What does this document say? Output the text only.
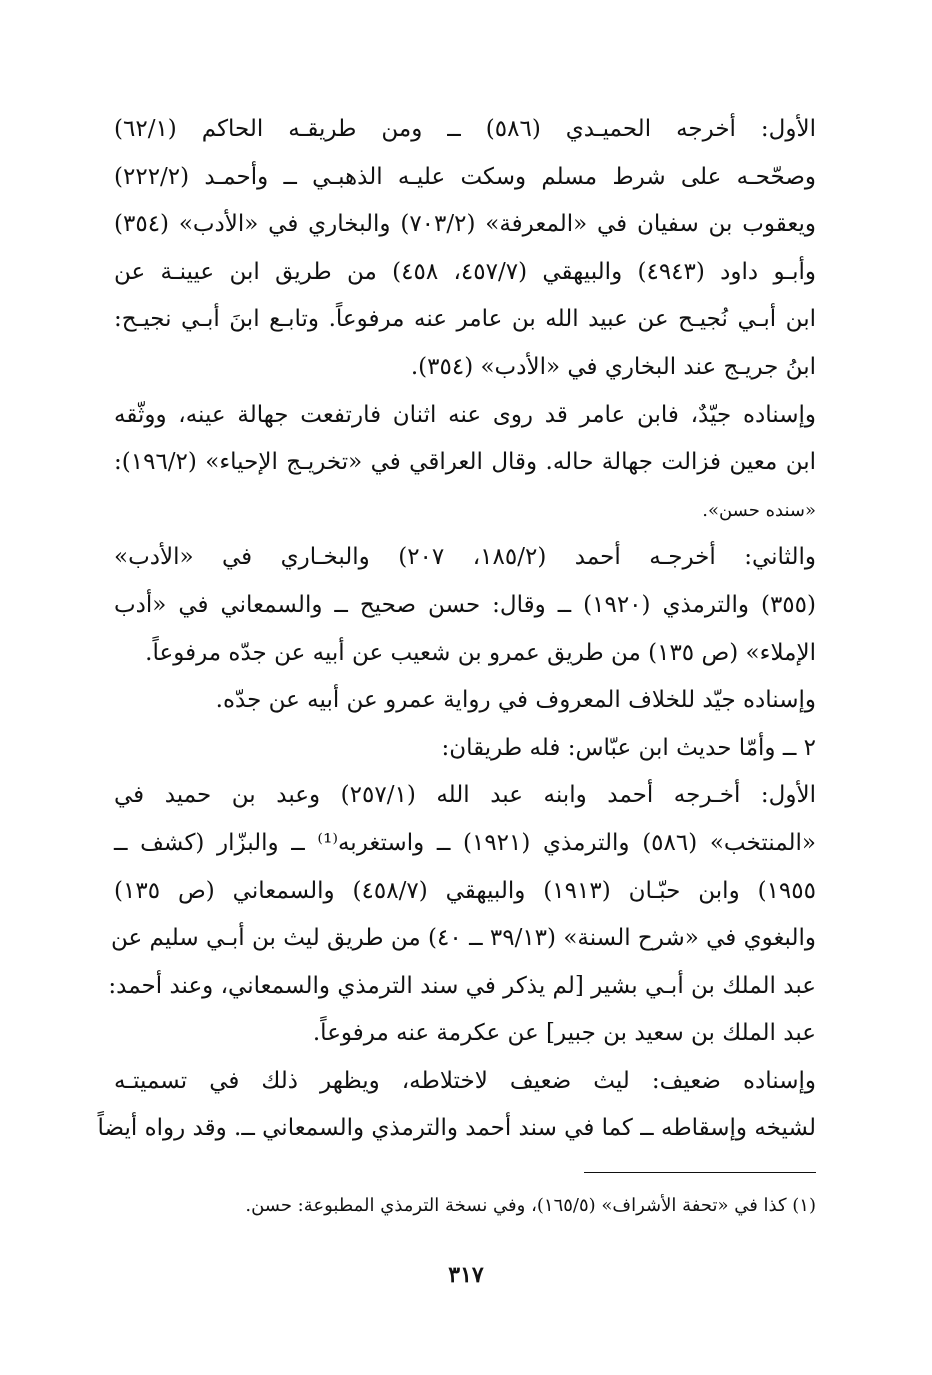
الأول: أخرجه الحميـدي (٥٨٦) ــ ومن طريقـه الحاكم (٦٢/١)
وصحّحـه على شرط مسلم وسكت عليـه الذهبـي ــ وأحمـد (٢٢٢/٢)
ويعقوب بن سفيان في «المعرفة» (٧٠٣/٢) والبخاري في «الأدب» (٣٥٤)
وأبـو داود (٤٩٤٣) والبيهقي (٤٥٧/٧، ٤٥٨) من طريق ابن عيينـة عن
ابن أبـي نُجيـح عن عبيد الله بن عامر عنه مرفوعاً. وتابـع ابنَ أبـي نجيـح:
ابنُ جريـج عند البخاري في «الأدب» (٣٥٤).
وإسناده جيّدٌ، فابن عامر قد روى عنه اثنان فارتفعت جهالة عينه، ووثّقه
ابن معين فزالت جهالة حاله. وقال العراقي في «تخريـج الإحياء» (١٩٦/٢):
«سنده حسن».
والثاني: أخرجـه أحمد (١٨٥/٢، ٢٠٧) والبخـاري في «الأدب»
(٣٥٥) والترمذي (١٩٢٠) ــ وقال: حسن صحيح ــ والسمعاني في «أدب
الإملاء» (ص ١٣٥) من طريق عمرو بن شعيب عن أبيه عن جدّه مرفوعاً.
وإسناده جيّد للخلاف المعروف في رواية عمرو عن أبيه عن جدّه.
٢ ــ وأمّا حديث ابن عبّاس: فله طريقان:
الأول: أخـرجه أحمد وابنه عبد الله (٢٥٧/١) وعبد بن حميد في
«المنتخب» (٥٨٦) والترمذي (١٩٢١) ــ واستغربه⁽¹⁾ ــ والبزّار (كشف ــ
١٩٥٥) وابن حبّـان (١٩١٣) والبيهقي (٤٥٨/٧) والسمعاني (ص ١٣٥)
والبغوي في «شرح السنة» (٣٩/١٣ ــ ٤٠) من طريق ليث بن أبـي سليم عن
عبد الملك بن أبـي بشير [لم يذكر في سند الترمذي والسمعاني، وعند أحمد:
عبد الملك بن سعيد بن جبير] عن عكرمة عنه مرفوعاً.
وإسناده ضعيف: ليث ضعيف لاختلاطه، ويظهر ذلك في تسميتـه
لشيخه وإسقاطه ــ كما في سند أحمد والترمذي والسمعاني ــ. وقد رواه أيضاً
(١) كذا في «تحفة الأشراف» (١٦٥/٥)، وفي نسخة الترمذي المطبوعة: حسن.
٣١٧
